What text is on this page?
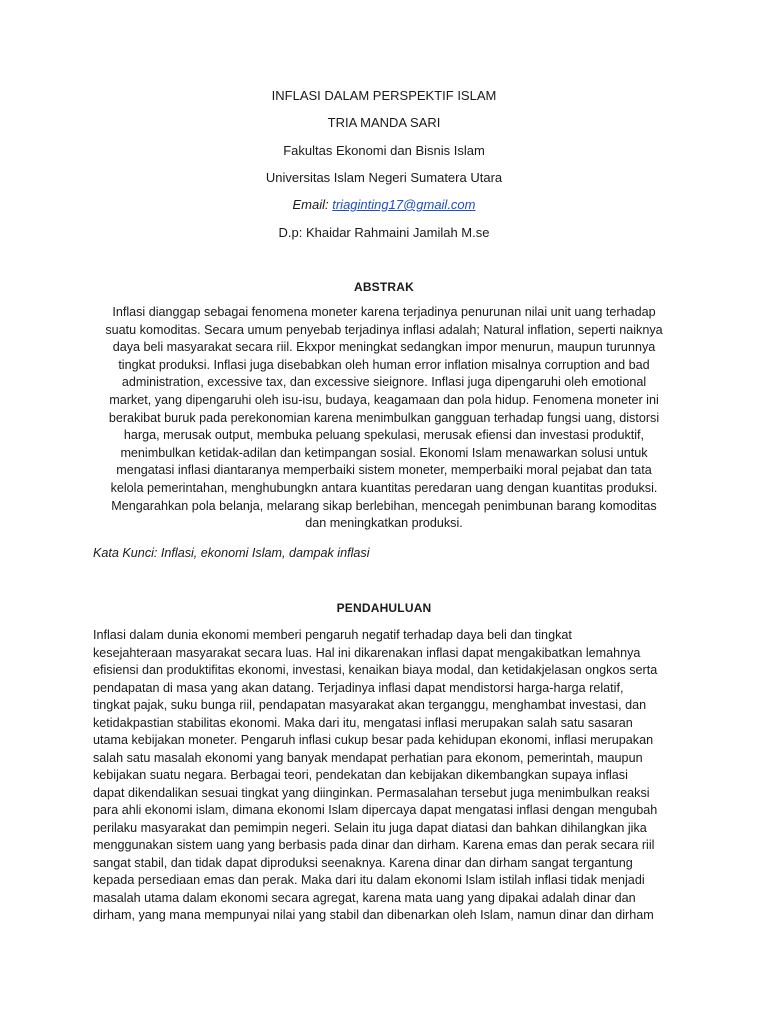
INFLASI DALAM PERSPEKTIF ISLAM
TRIA MANDA SARI
Fakultas Ekonomi dan Bisnis Islam
Universitas Islam Negeri Sumatera Utara
Email: triaginting17@gmail.com
D.p: Khaidar Rahmaini Jamilah M.se
ABSTRAK
Inflasi dianggap sebagai fenomena moneter karena terjadinya penurunan nilai unit uang terhadap
suatu komoditas. Secara umum penyebab terjadinya inflasi adalah; Natural inflation, seperti naiknya
daya beli masyarakat secara riil. Ekxpor meningkat sedangkan impor menurun, maupun turunnya
tingkat produksi. Inflasi juga disebabkan oleh human error inflation misalnya corruption and bad
administration, excessive tax, dan excessive sieignore. Inflasi juga dipengaruhi oleh emotional
market, yang dipengaruhi oleh isu-isu, budaya, keagamaan dan pola hidup. Fenomena moneter ini
berakibat buruk pada perekonomian karena menimbulkan gangguan terhadap fungsi uang, distorsi
harga, merusak output, membuka peluang spekulasi, merusak efiensi dan investasi produktif,
menimbulkan ketidak-adilan dan ketimpangan sosial. Ekonomi Islam menawarkan solusi untuk
mengatasi inflasi diantaranya memperbaiki sistem moneter, memperbaiki moral pejabat dan tata
kelola pemerintahan, menghubungkn antara kuantitas peredaran uang dengan kuantitas produksi.
Mengarahkan pola belanja, melarang sikap berlebihan, mencegah penimbunan barang komoditas
dan meningkatkan produksi.
Kata Kunci: Inflasi, ekonomi Islam, dampak inflasi
PENDAHULUAN
Inflasi dalam dunia ekonomi memberi pengaruh negatif terhadap daya beli dan tingkat
kesejahteraan masyarakat secara luas. Hal ini dikarenakan inflasi dapat mengakibatkan lemahnya
efisiensi dan produktifitas ekonomi, investasi, kenaikan biaya modal, dan ketidakjelasan ongkos serta
pendapatan di masa yang akan datang. Terjadinya inflasi dapat mendistorsi harga-harga relatif,
tingkat pajak, suku bunga riil, pendapatan masyarakat akan terganggu, menghambat investasi, dan
ketidakpastian stabilitas ekonomi. Maka dari itu, mengatasi inflasi merupakan salah satu sasaran
utama kebijakan moneter. Pengaruh inflasi cukup besar pada kehidupan ekonomi, inflasi merupakan
salah satu masalah ekonomi yang banyak mendapat perhatian para ekonom, pemerintah, maupun
kebijakan suatu negara. Berbagai teori, pendekatan dan kebijakan dikembangkan supaya inflasi
dapat dikendalikan sesuai tingkat yang diinginkan. Permasalahan tersebut juga menimbulkan reaksi
para ahli ekonomi islam, dimana ekonomi Islam dipercaya dapat mengatasi inflasi dengan mengubah
perilaku masyarakat dan pemimpin negeri. Selain itu juga dapat diatasi dan bahkan dihilangkan jika
menggunakan sistem uang yang berbasis pada dinar dan dirham. Karena emas dan perak secara riil
sangat stabil, dan tidak dapat diproduksi seenaknya. Karena dinar dan dirham sangat tergantung
kepada persediaan emas dan perak. Maka dari itu dalam ekonomi Islam istilah inflasi tidak menjadi
masalah utama dalam ekonomi secara agregat, karena mata uang yang dipakai adalah dinar dan
dirham, yang mana mempunyai nilai yang stabil dan dibenarkan oleh Islam, namun dinar dan dirham
